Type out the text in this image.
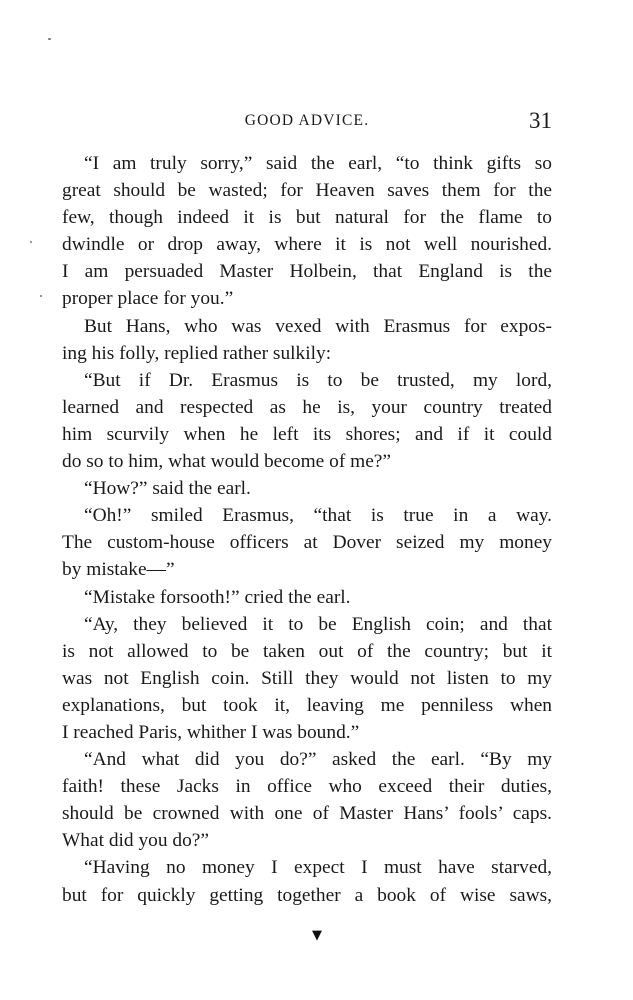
GOOD ADVICE.	31
“I am truly sorry,” said the earl, “to think gifts so
great should be wasted; for Heaven saves them for the
few, though indeed it is but natural for the flame to
dwindle or drop away, where it is not well nourished.
I am persuaded Master Holbein, that England is the
proper place for you.”
But Hans, who was vexed with Erasmus for expos-
ing his folly, replied rather sulkily:
“But if Dr. Erasmus is to be trusted, my lord,
learned and respected as he is, your country treated
him scurvily when he left its shores; and if it could
do so to him, what would become of me?”
“How?” said the earl.
“Oh!” smiled Erasmus, “that is true in a way.
The custom-house officers at Dover seized my money
by mistake—”
“Mistake forsooth!” cried the earl.
“Ay, they believed it to be English coin; and that
is not allowed to be taken out of the country; but it
was not English coin. Still they would not listen to my
explanations, but took it, leaving me penniless when
I reached Paris, whither I was bound.”
“And what did you do?” asked the earl. “By my
faith! these Jacks in office who exceed their duties,
should be crowned with one of Master Hans’ fools’ caps.
What did you do?”
“Having no money I expect I must have starved,
but for quickly getting together a book of wise saws,
▼
